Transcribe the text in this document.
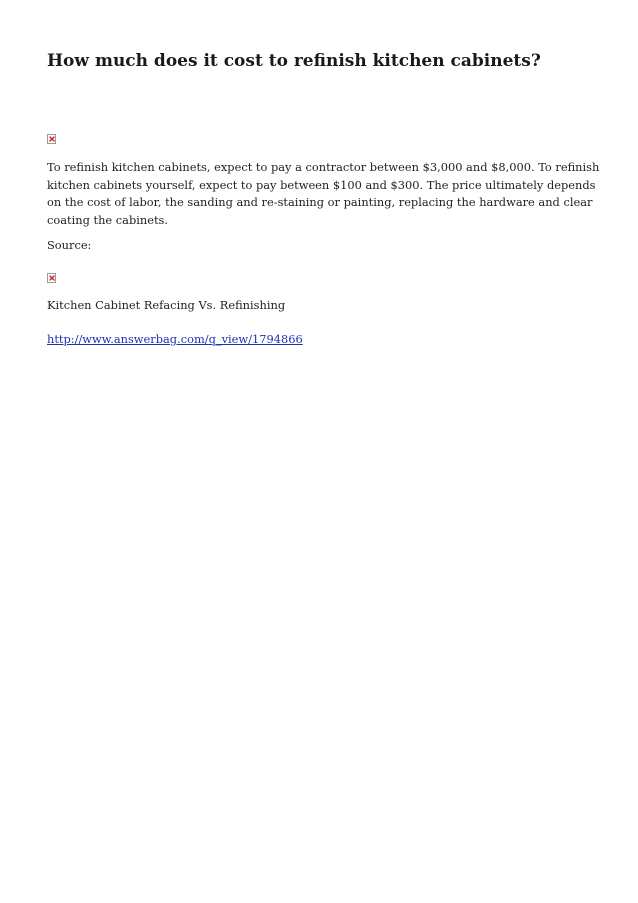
How much does it cost to refinish kitchen cabinets?

To refinish kitchen cabinets, expect to pay a contractor between $3,000 and $8,000. To refinish kitchen cabinets yourself, expect to pay between $100 and $300. The price ultimately depends on the cost of labor, the sanding and re-staining or painting, replacing the hardware and clear coating the cabinets.

Source:

Kitchen Cabinet Refacing Vs. Refinishing

http://www.answerbag.com/q_view/1794866
